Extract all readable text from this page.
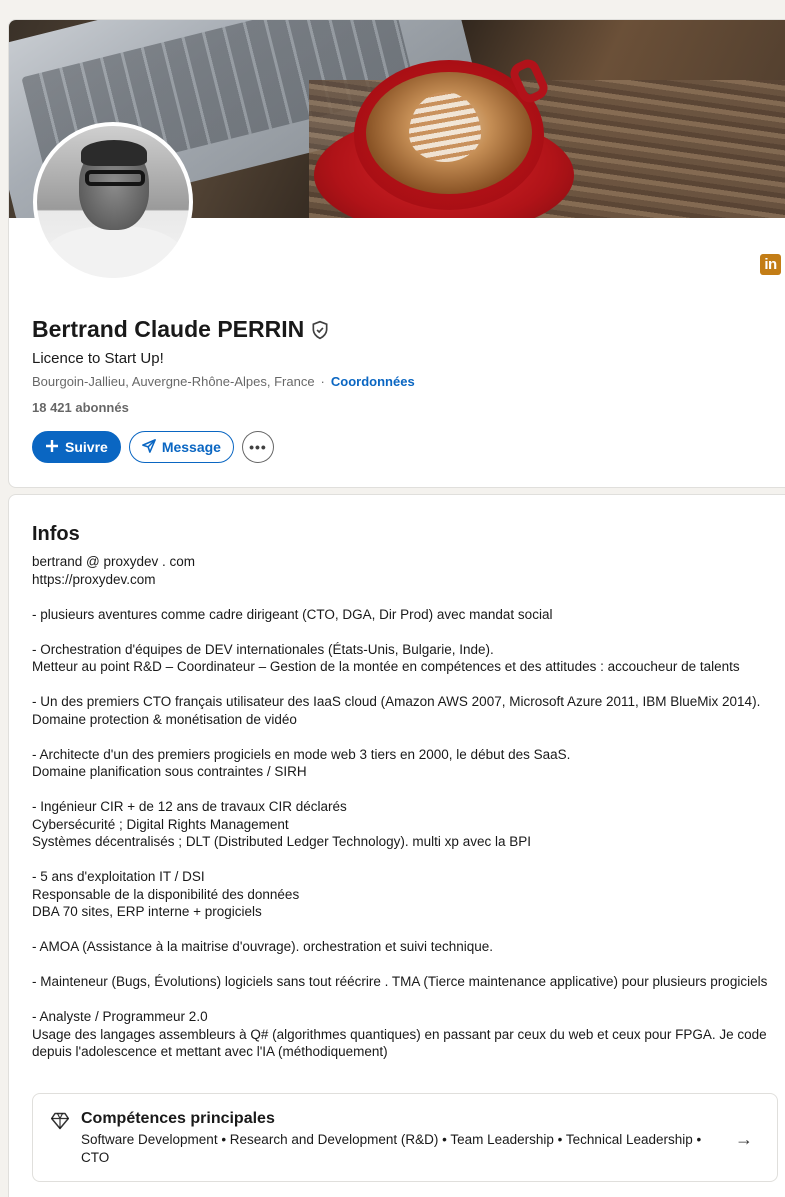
in
Bertrand Claude PERRIN
Licence to Start Up!
Bourgoin-Jallieu, Auvergne-Rhône-Alpes, France · Coordonnées
18 421 abonnés
Suivre	Message	•••
Infos
bertrand @ proxydev . com
https://proxydev.com
- plusieurs aventures comme cadre dirigeant (CTO, DGA, Dir Prod) avec mandat social
- Orchestration d'équipes de DEV internationales (États-Unis, Bulgarie, Inde).
Metteur au point R&D – Coordinateur – Gestion de la montée en compétences et des attitudes : accoucheur de talents
- Un des premiers CTO français utilisateur des IaaS cloud (Amazon AWS 2007, Microsoft Azure 2011, IBM BlueMix 2014).
Domaine protection & monétisation de vidéo
- Architecte d'un des premiers progiciels en mode web 3 tiers en 2000, le début des SaaS.
Domaine planification sous contraintes / SIRH
- Ingénieur CIR + de 12 ans de travaux CIR déclarés
Cybersécurité ; Digital Rights Management
Systèmes décentralisés ; DLT (Distributed Ledger Technology). multi xp avec la BPI
- 5 ans d'exploitation IT / DSI
Responsable de la disponibilité des données
DBA 70 sites, ERP interne + progiciels
- AMOA (Assistance à la maitrise d'ouvrage). orchestration et suivi technique.
- Mainteneur (Bugs, Évolutions) logiciels sans tout réécrire . TMA (Tierce maintenance applicative) pour plusieurs progiciels
- Analyste / Programmeur 2.0
Usage des langages assembleurs à Q# (algorithmes quantiques) en passant par ceux du web et ceux pour FPGA. Je code depuis l'adolescence et mettant avec l'IA (méthodiquement)
Compétences principales
Software Development • Research and Development (R&D) • Team Leadership • Technical Leadership • CTO
→
